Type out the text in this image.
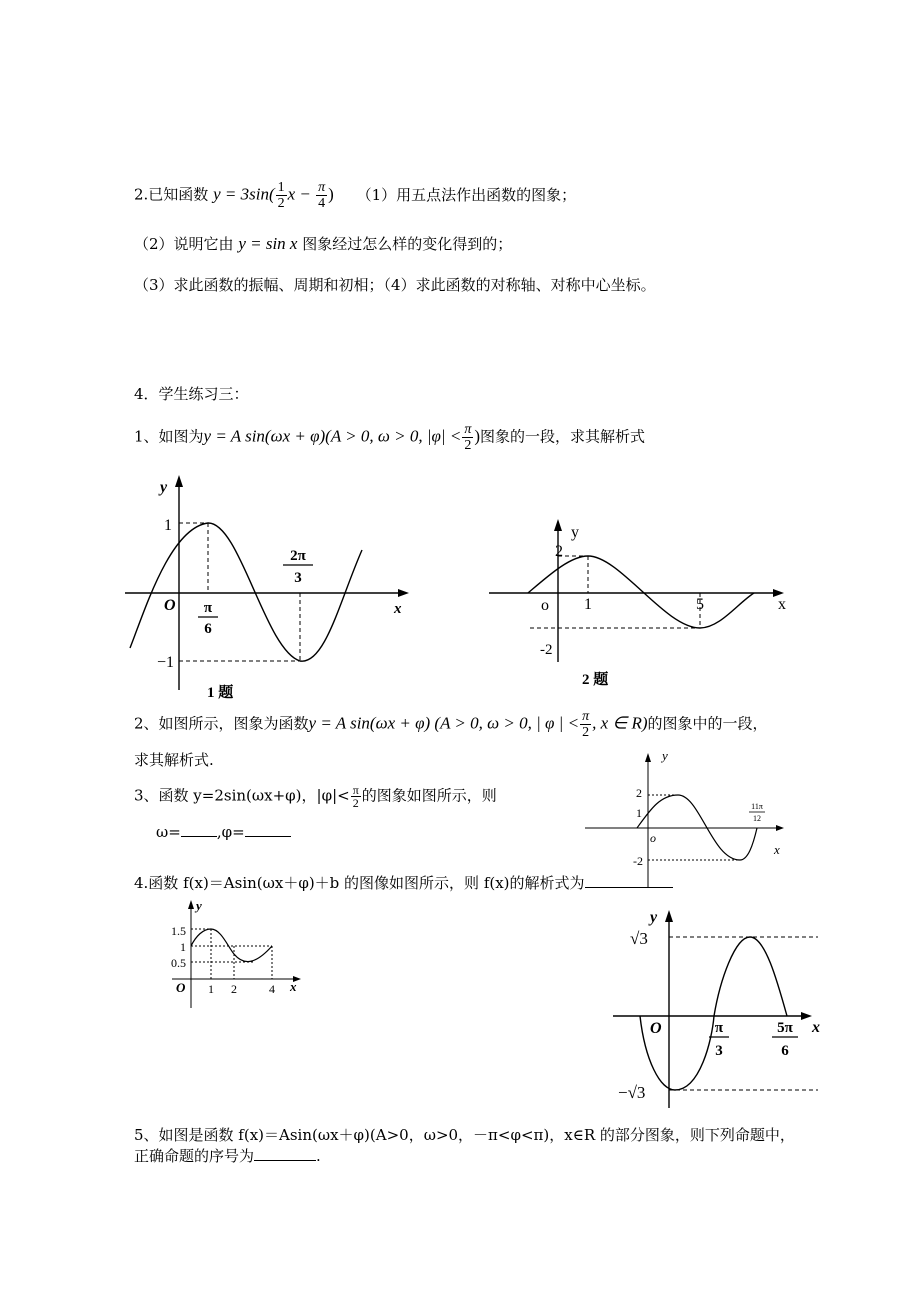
2.已知函数 $y = 3\sin( \frac{1}{2}$ $x - \frac{\pi}{4}$ ) （1）用五点法作出函数的图象；
（2）说明它由 y = sin x 图象经过怎么样的变化得到的；
（3）求此函数的振幅、周期和初相；（4）求此函数的对称轴、对称中心坐标。
4．学生练习三：
1、如图为y = A sin(ωx + φ)(A > 0, ω > 0, $|\varphi| < \frac{\pi}{2}$ )图象的一段，求其解析式
y
x
O
1
−1
π
6
2π
3
1 题
y
x
o
2
-2
1	5
2 题
2、如图所示，图象为函数y = A sin(ωx + φ) (A > 0, ω > 0, | φ | < $\frac{\pi}{2}$ , x ∈ R)的图象中的一段，
求其解析式.
3、函数 y=2sin(ωx+φ)，$|\varphi|< \frac{\pi}{2}$ 的图象如图所示，则
ω= ,φ=
y
x
o
2
1
-2
11π
12
4.函数 f(x)＝Asin(ωx＋φ)＋b 的图像如图所示，则 f(x)的解析式为
y
x
O
1.5
1
0.5
1 2	4
y
x
O
√3
−√3
π
3
5π
6
5、如图是函数 f(x)＝Asin(ωx＋φ)(A>0，ω>0，－π<φ<π)，x∈R 的部分图象，则下列命题中，
正确命题的序号为	.
